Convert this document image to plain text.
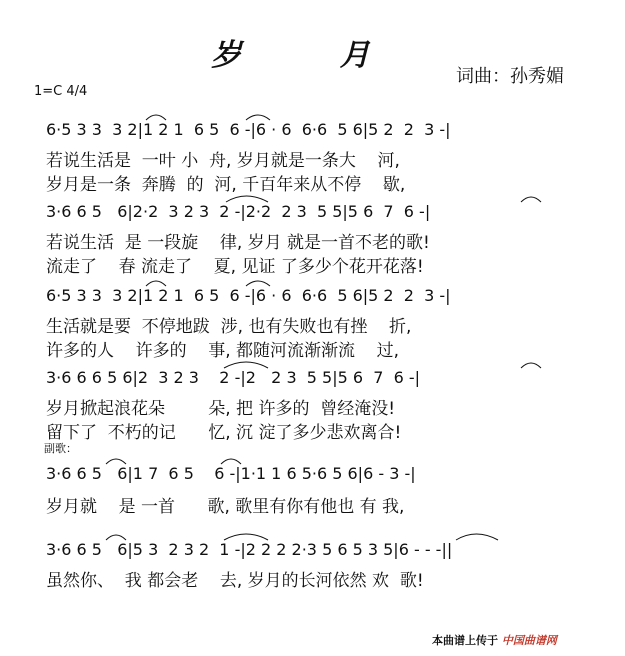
岁 月
词曲：孙秀媚
1=C 4/4
副歌：
6·5 3 3  3 2|1 2 1  6 5  6 -|6 · 6  6·6  5 6|5 2  2  3 -|
若说生活是  一叶 小  舟, 岁月就是一条大    河,
岁月是一条  奔腾  的  河, 千百年来从不停    歇,
3·6 6 5   6|2·2  3 2 3  2 -|2·2  2 3  5 5|5 6  7  6 -|
若说生活  是 一段旋    律, 岁月 就是一首不老的歌!
流走了    春 流走了    夏, 见证 了多少个花开花落!
6·5 3 3  3 2|1 2 1  6 5  6 -|6 · 6  6·6  5 6|5 2  2  3 -|
生活就是要  不停地跋  涉, 也有失败也有挫    折,
许多的人    许多的    事, 都随河流渐渐流    过,
3·6 6 6 5 6|2  3 2 3    2 -|2   2 3  5 5|5 6  7  6 -|
岁月掀起浪花朵        朵, 把 许多的  曾经淹没!
留下了  不朽的记      忆, 沉 淀了多少悲欢离合!
3·6 6 5   6|1 7  6 5    6 -|1·1 1 6 5·6 5 6|6 - 3 -|
岁月就    是 一首      歌, 歌里有你有他也 有 我,
3·6 6 5   6|5 3  2 3 2  1 -|2 2 2 2·3 5 6 5 3 5|6 - - -||
虽然你、  我 都会老    去, 岁月的长河依然 欢  歌!
本曲谱上传于 中国曲谱网
